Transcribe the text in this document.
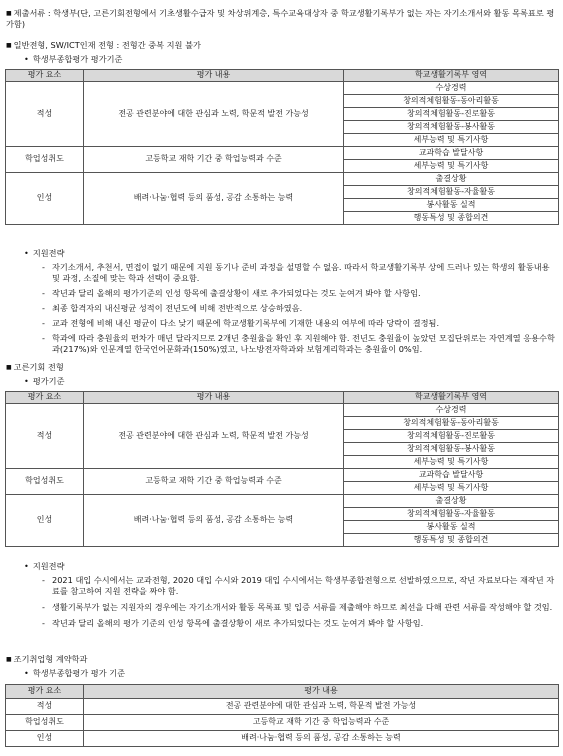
■ 제출서류 : 학생부(단, 고른기회전형에서 기초생활수급자 및 차상위계층, 특수교육대상자 중 학교생활기록부가 없는 자는 자기소개서와 활동 목록표로 평가함)
■ 일반전형, SW/ICT인재 전형 : 전형간 중복 지원 불가
• 학생부종합평가 평가기준
평가 요소	평가 내용	학교생활기록부 영역
적성	전공 관련분야에 대한 관심과 노력, 학문적 발전 가능성	수상경력
		창의적체험활동-동아리활동
		창의적체험활동-진로활동
		창의적체험활동-봉사활동
		세부능력 및 특기사항
학업성취도	고등학교 재학 기간 중 학업능력과 수준	교과학습 발달사항
		세부능력 및 특기사항
인성	배려·나눔·협력 등의 품성, 공감 소통하는 능력	출결상황
		창의적체험활동-자율활동
		봉사활동 실적
		행동특성 및 종합의견
• 지원전략
- 자기소개서, 추천서, 면접이 없기 때문에 지원 동기나 준비 과정을 설명할 수 없음. 따라서 학교생활기록부 상에 드러나 있는 학생의 활동내용 및 과정, 소질에 맞는 학과 선택이 중요함.
- 작년과 달리 올해의 평가기준의 인성 항목에 출결상황이 새로 추가되었다는 것도 눈여겨 봐야 할 사항임.
- 최종 합격자의 내신평균 성적이 전년도에 비해 전반적으로 상승하였음.
- 교과 전형에 비해 내신 평균이 다소 낮기 때문에 학교생활기록부에 기재한 내용의 여부에 따라 당락이 결정됨.
- 학과에 따라 충원율의 편차가 매년 달라지므로 2개년 충원율을 확인 후 지원해야 함. 전년도 충원율이 높았던 모집단위로는 자연계열 응용수학과(217%)와 인문계열 한국언어문화과(150%)였고, 나노방전자학과와 보험계리학과는 충원율이 0%임.
■ 고른기회 전형
• 평가기준
평가 요소	평가 내용	학교생활기록부 영역
적성	전공 관련분야에 대한 관심과 노력, 학문적 발전 가능성	수상경력
		창의적체험활동-동아리활동
		창의적체험활동-진로활동
		창의적체험활동-봉사활동
		세부능력 및 특기사항
학업성취도	고등학교 재학 기간 중 학업능력과 수준	교과학습 발달사항
		세부능력 및 특기사항
인성	배려·나눔·협력 등의 품성, 공감 소통하는 능력	출결상황
		창의적체험활동-자율활동
		봉사활동 실적
		행동특성 및 종합의견
• 지원전략
- 2021 대입 수시에서는 교과전형, 2020 대입 수시와 2019 대입 수시에서는 학생부종합전형으로 선발하였으므로, 작년 자료보다는 재작년 자료를 참고하여 지원 전략을 짜야 함.
- 생활기록부가 없는 지원자의 경우에는 자기소개서와 활동 목록표 및 입증 서류를 제출해야 하므로 최선을 다해 관련 서류를 작성해야 할 것임.
- 작년과 달리 올해의 평가 기준의 인성 항목에 출결상황이 새로 추가되었다는 것도 눈여겨 봐야 할 사항임.
■ 조기취업형 계약학과
• 학생부종합평가 평가 기준
평가 요소	평가 내용
적성	전공 관련분야에 대한 관심과 노력, 학문적 발전 가능성
학업성취도	고등학교 재학 기간 중 학업능력과 수준
인성	배려·나눔·협력 등의 품성, 공감 소통하는 능력
